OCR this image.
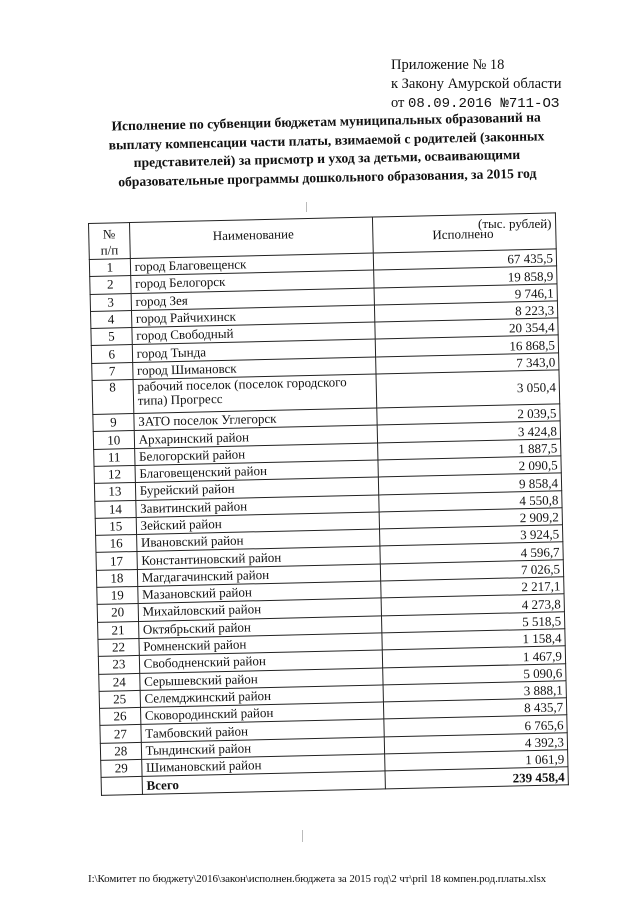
Приложение № 18
к Закону Амурской области
от 08.09.2016 №711-ОЗ
Исполнение по субвенции бюджетам муниципальных образований на выплату компенсации части платы, взимаемой с родителей (законных представителей) за присмотр и уход за детьми, осваивающими образовательные программы дошкольного образования, за 2015 год
(тыс. рублей)
№
п/п	Наименование	Исполнено

1	город Благовещенск	67 435,5
2	город Белогорск	19 858,9
3	город Зея	9 746,1
4	город Райчихинск	8 223,3
5	город Свободный	20 354,4
6	город Тында	16 868,5
7	город Шимановск	7 343,0
8	рабочий поселок (поселок городского типа) Прогресс	3 050,4
9	ЗАТО поселок Углегорск	2 039,5
10	Архаринский район	3 424,8
11	Белогорский район	1 887,5
12	Благовещенский район	2 090,5
13	Бурейский район	9 858,4
14	Завитинский район	4 550,8
15	Зейский район	2 909,2
16	Ивановский район	3 924,5
17	Константиновский район	4 596,7
18	Магдагачинский район	7 026,5
19	Мазановский район	2 217,1
20	Михайловский район	4 273,8
21	Октябрьский район	5 518,5
22	Ромненский район	1 158,4
23	Свободненский район	1 467,9
24	Серышевский район	5 090,6
25	Селемджинский район	3 888,1
26	Сковородинский район	8 435,7
27	Тамбовский район	6 765,6
28	Тындинский район	4 392,3
29	Шимановский район	1 061,9
	Всего	239 458,4
I:\Комитет по бюджету\2016\закон\исполнен.бюджета за 2015 год\2 чт\pril 18 компен.род.платы.xlsx
